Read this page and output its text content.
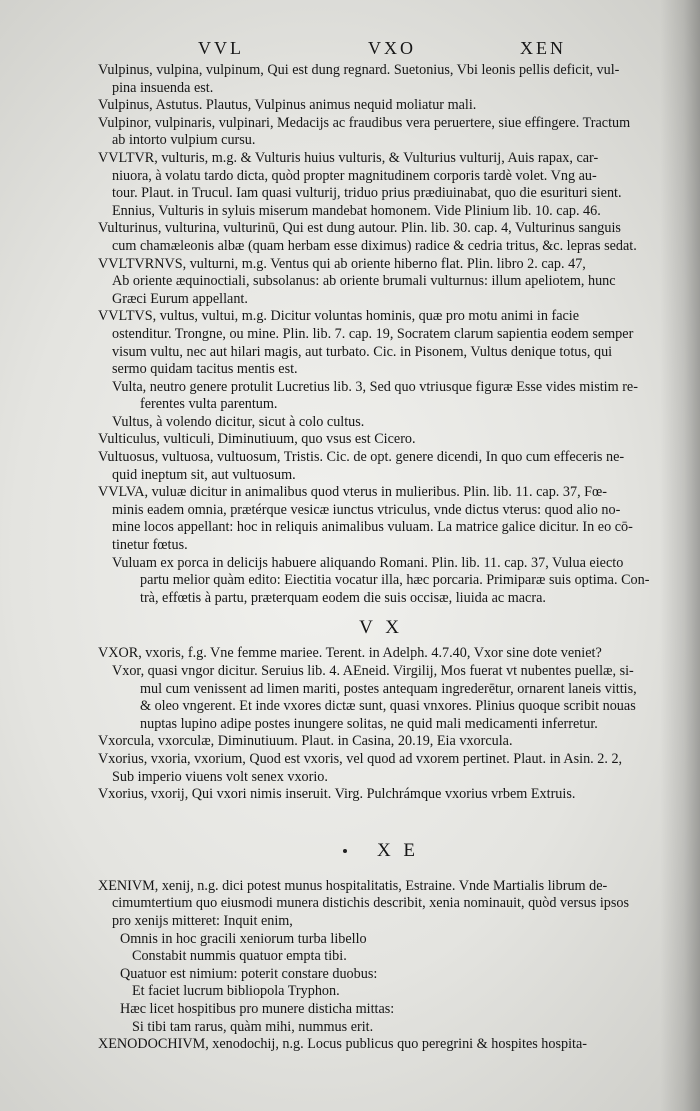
VVL	VXO	XEN
Vulpinus, vulpina, vulpinum, Qui est dung regnard. Suetonius, Vbi leonis pellis deficit, vul-
pina insuenda est.
Vulpinus, Astutus. Plautus, Vulpinus animus nequid moliatur mali.
Vulpinor, vulpinaris, vulpinari, Medacijs ac fraudibus vera peruertere, siue effingere. Tractum
ab intorto vulpium cursu.
VVLTVR, vulturis, m.g. & Vulturis huius vulturis, & Vulturius vulturij, Auis rapax, car-
niuora, à volatu tardo dicta, quòd propter magnitudinem corporis tardè volet. Vng au-
tour. Plaut. in Trucul. Iam quasi vulturij, triduo prius prædiuinabat, quo die esurituri sient.
Ennius, Vulturis in syluis miserum mandebat homonem. Vide Plinium lib. 10. cap. 46.
Vulturinus, vulturina, vulturinū, Qui est dung autour. Plin. lib. 30. cap. 4, Vulturinus sanguis
cum chamæleonis albæ (quam herbam esse diximus) radice & cedria tritus, &c. lepras sedat.
VVLTVRNVS, vulturni, m.g. Ventus qui ab oriente hiberno flat. Plin. libro 2. cap. 47,
Ab oriente æquinoctiali, subsolanus: ab oriente brumali vulturnus: illum apeliotem, hunc
Græci Eurum appellant.
VVLTVS, vultus, vultui, m.g. Dicitur voluntas hominis, quæ pro motu animi in facie
ostenditur. Trongne, ou mine. Plin. lib. 7. cap. 19, Socratem clarum sapientia eodem semper
visum vultu, nec aut hilari magis, aut turbato. Cic. in Pisonem, Vultus denique totus, qui
sermo quidam tacitus mentis est.
Vulta, neutro genere protulit Lucretius lib. 3, Sed quo vtriusque figuræ Esse vides mistim re-
ferentes vulta parentum.
Vultus, à volendo dicitur, sicut à colo cultus.
Vulticulus, vulticuli, Diminutiuum, quo vsus est Cicero.
Vultuosus, vultuosa, vultuosum, Tristis. Cic. de opt. genere dicendi, In quo cum effeceris ne-
quid ineptum sit, aut vultuosum.
VVLVA, vuluæ dicitur in animalibus quod vterus in mulieribus. Plin. lib. 11. cap. 37, Fœ-
minis eadem omnia, prætérque vesicæ iunctus vtriculus, vnde dictus vterus: quod alio no-
mine locos appellant: hoc in reliquis animalibus vuluam. La matrice galice dicitur. In eo cō-
tinetur fœtus.
Vuluam ex porca in delicijs habuere aliquando Romani. Plin. lib. 11. cap. 37, Vulua eiecto
partu melior quàm edito: Eiectitia vocatur illa, hæc porcaria. Primiparæ suis optima. Con-
trà, effœtis à partu, præterquam eodem die suis occisæ, liuida ac macra.
V X
VXOR, vxoris, f.g. Vne femme mariee. Terent. in Adelph. 4.7.40, Vxor sine dote veniet?
Vxor, quasi vngor dicitur. Seruius lib. 4. AEneid. Virgilij, Mos fuerat vt nubentes puellæ, si-
mul cum venissent ad limen mariti, postes antequam ingrederētur, ornarent laneis vittis,
& oleo vngerent. Et inde vxores dictæ sunt, quasi vnxores. Plinius quoque scribit nouas
nuptas lupino adipe postes inungere solitas, ne quid mali medicamenti inferretur.
Vxorcula, vxorculæ, Diminutiuum. Plaut. in Casina, 20.19, Eia vxorcula.
Vxorius, vxoria, vxorium, Quod est vxoris, vel quod ad vxorem pertinet. Plaut. in Asin. 2. 2,
Sub imperio viuens volt senex vxorio.
Vxorius, vxorij, Qui vxori nimis inseruit. Virg. Pulchrámque vxorius vrbem Extruis.
X E
XENIVM, xenij, n.g. dici potest munus hospitalitatis, Estraine. Vnde Martialis librum de-
cimumtertium quo eiusmodi munera distichis describit, xenia nominauit, quòd versus ipsos
pro xenijs mitteret: Inquit enim,
Omnis in hoc gracili xeniorum turba libello
Constabit nummis quatuor empta tibi.
Quatuor est nimium: poterit constare duobus:
Et faciet lucrum bibliopola Tryphon.
Hæc licet hospitibus pro munere disticha mittas:
Si tibi tam rarus, quàm mihi, nummus erit.
XENODOCHIVM, xenodochij, n.g. Locus publicus quo peregrini & hospites hospita-
